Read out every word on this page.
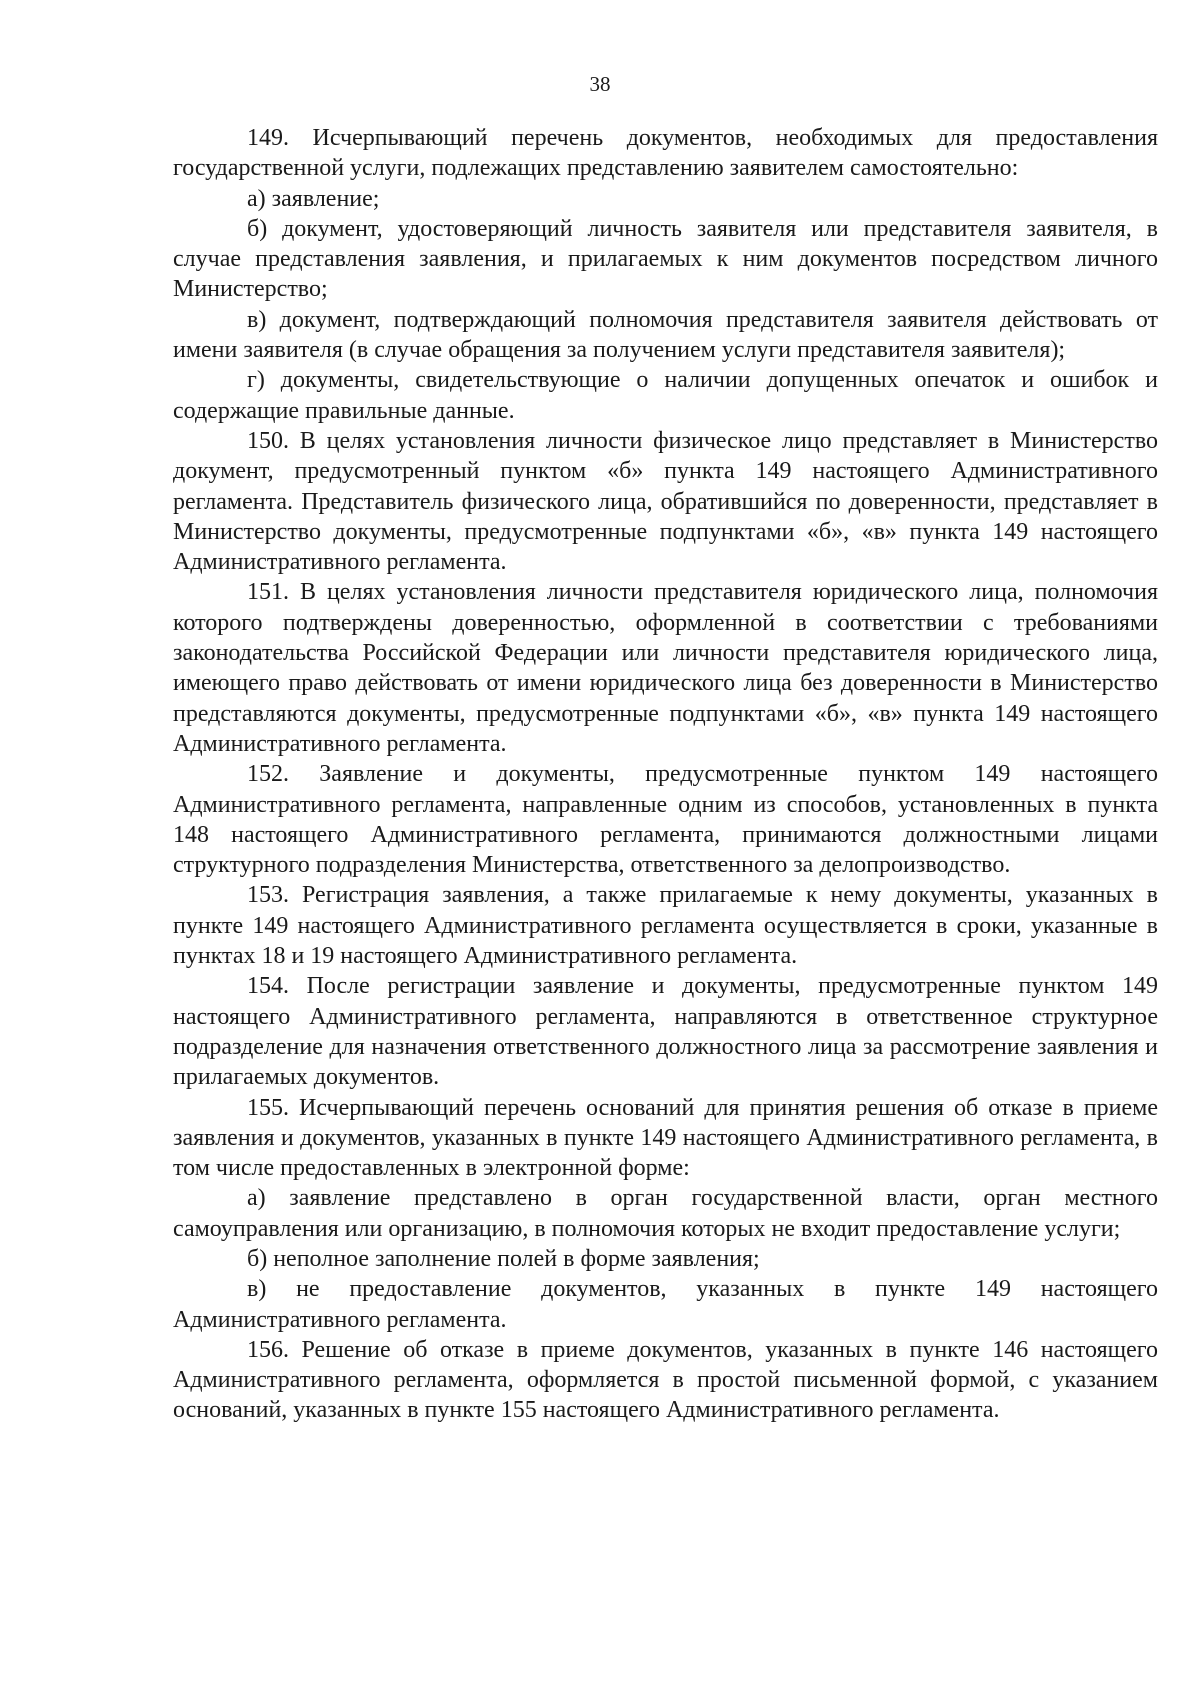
38

149. Исчерпывающий перечень документов, необходимых для предоставления государственной услуги, подлежащих представлению заявителем самостоятельно:

а) заявление;

б) документ, удостоверяющий личность заявителя или представителя заявителя, в случае представления заявления, и прилагаемых к ним документов посредством личного Министерство;

в) документ, подтверждающий полномочия представителя заявителя действовать от имени заявителя (в случае обращения за получением услуги представителя заявителя);

г) документы, свидетельствующие о наличии допущенных опечаток и ошибок и содержащие правильные данные.

150. В целях установления личности физическое лицо представляет в Министерство документ, предусмотренный пунктом «б» пункта 149 настоящего Административного регламента. Представитель физического лица, обратившийся по доверенности, представляет в Министерство документы, предусмотренные подпунктами «б», «в» пункта 149 настоящего Административного регламента.

151. В целях установления личности представителя юридического лица, полномочия которого подтверждены доверенностью, оформленной в соответствии с требованиями законодательства Российской Федерации или личности представителя юридического лица, имеющего право действовать от имени юридического лица без доверенности в Министерство представляются документы, предусмотренные подпунктами «б», «в» пункта 149 настоящего Административного регламента.

152. Заявление и документы, предусмотренные пунктом 149 настоящего Административного регламента, направленные одним из способов, установленных в пункта 148 настоящего Административного регламента, принимаются должностными лицами структурного подразделения Министерства, ответственного за делопроизводство.

153. Регистрация заявления, а также прилагаемые к нему документы, указанных в пункте 149 настоящего Административного регламента осуществляется в сроки, указанные в пунктах 18 и 19 настоящего Административного регламента.

154. После регистрации заявление и документы, предусмотренные пунктом 149 настоящего Административного регламента, направляются в ответственное структурное подразделение для назначения ответственного должностного лица за рассмотрение заявления и прилагаемых документов.

155. Исчерпывающий перечень оснований для принятия решения об отказе в приеме заявления и документов, указанных в пункте 149 настоящего Административного регламента, в том числе предоставленных в электронной форме:

а) заявление представлено в орган государственной власти, орган местного самоуправления или организацию, в полномочия которых не входит предоставление услуги;

б) неполное заполнение полей в форме заявления;

в) не предоставление документов, указанных в пункте 149 настоящего Административного регламента.

156. Решение об отказе в приеме документов, указанных в пункте 146 настоящего Административного регламента, оформляется в простой письменной формой, с указанием оснований, указанных в пункте 155 настоящего Административного регламента.
